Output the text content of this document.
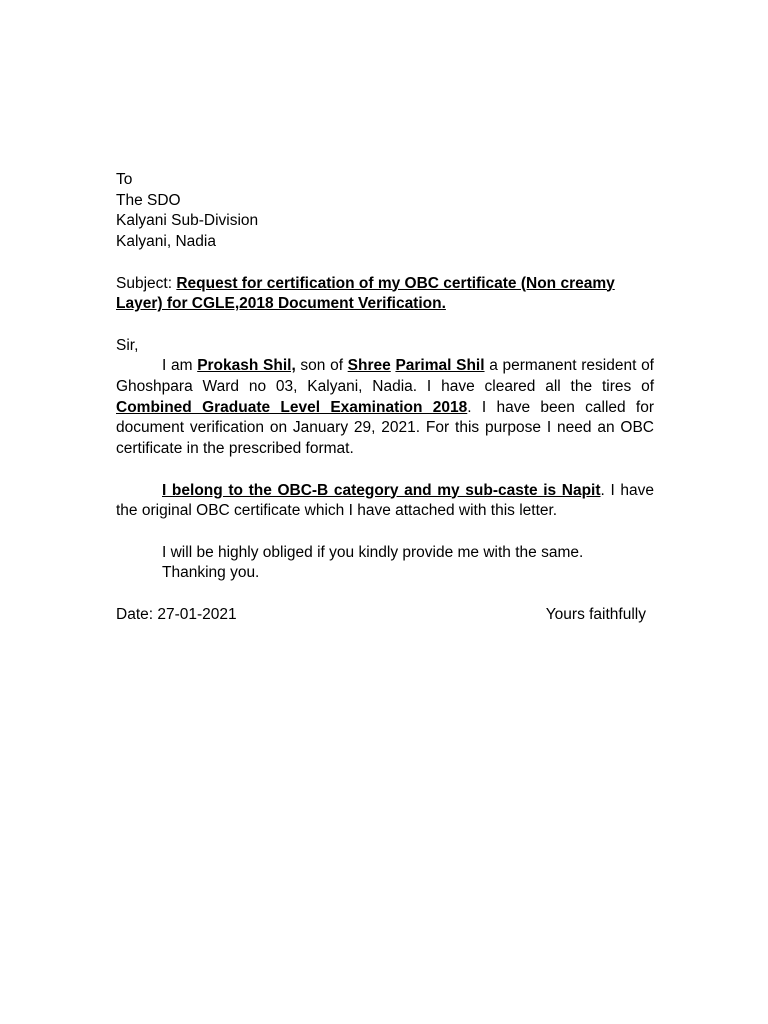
To
The SDO
Kalyani Sub-Division
Kalyani, Nadia

Subject: Request for certification of my OBC certificate (Non creamy Layer) for CGLE,2018 Document Verification.

Sir,

I am Prokash Shil, son of Shree Parimal Shil a permanent resident of Ghoshpara Ward no 03, Kalyani, Nadia. I have cleared all the tires of Combined Graduate Level Examination 2018. I have been called for document verification on January 29, 2021. For this purpose I need an OBC certificate in the prescribed format.

I belong to the OBC-B category and my sub-caste is Napit. I have the original OBC certificate which I have attached with this letter.

I will be highly obliged if you kindly provide me with the same.
Thanking you.
Date: 27-01-2021	Yours faithfully
